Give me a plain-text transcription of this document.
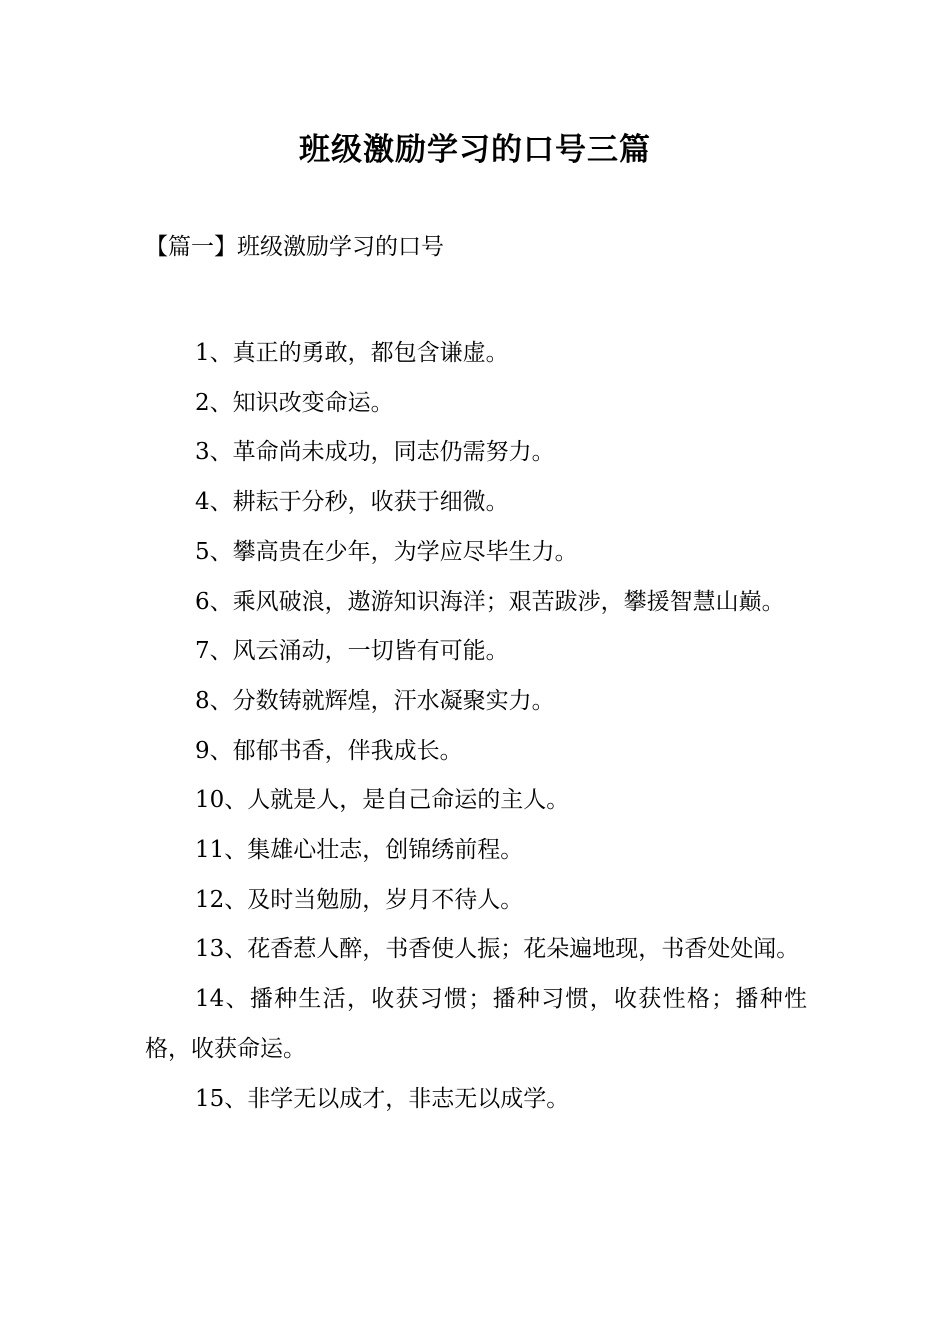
班级激励学习的口号三篇
【篇一】班级激励学习的口号
1、真正的勇敢，都包含谦虚。
2、知识改变命运。
3、革命尚未成功，同志仍需努力。
4、耕耘于分秒，收获于细微。
5、攀高贵在少年，为学应尽毕生力。
6、乘风破浪，遨游知识海洋；艰苦跋涉，攀援智慧山巅。
7、风云涌动，一切皆有可能。
8、分数铸就辉煌，汗水凝聚实力。
9、郁郁书香，伴我成长。
10、人就是人，是自己命运的主人。
11、集雄心壮志，创锦绣前程。
12、及时当勉励，岁月不待人。
13、花香惹人醉，书香使人振；花朵遍地现，书香处处闻。
14、播种生活，收获习惯；播种习惯，收获性格；播种性格，收获命运。
15、非学无以成才，非志无以成学。
